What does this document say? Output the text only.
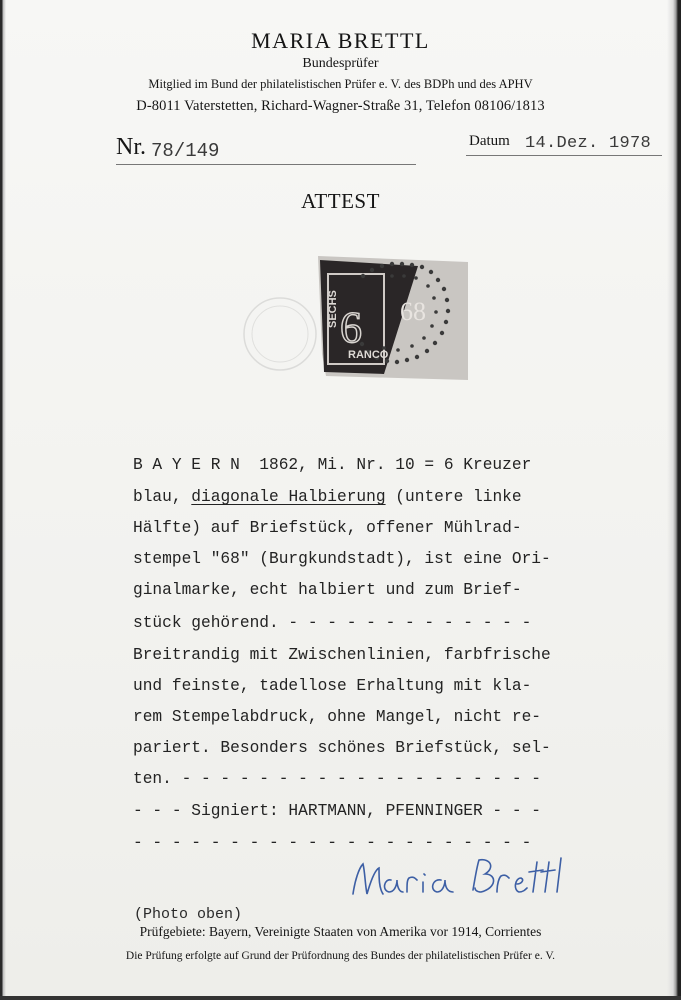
MARIA BRETTL
Bundesprüfer
Mitglied im Bund der philatelistischen Prüfer e. V. des BDPh und des APHV
D-8011 Vaterstetten, Richard-Wagner-Straße 31, Telefon 08106/1813
Nr. 78/149	Datum 14.Dez. 1978
ATTEST
68
6
SECHS
RANCO
B A Y E R N  1862, Mi. Nr. 10 = 6 Kreuzer
blau, diagonale Halbierung (untere linke
Hälfte) auf Briefstück, offener Mühlrad-
stempel "68" (Burgkundstadt), ist eine Ori-
ginalmarke, echt halbiert und zum Brief-
stück gehörend. - - - - - - - - - - - - -
Breitrandig mit Zwischenlinien, farbfrische
und feinste, tadellose Erhaltung mit kla-
rem Stempelabdruck, ohne Mangel, nicht re-
pariert. Besonders schönes Briefstück, sel-
ten. - - - - - - - - - - - - - - - - - - -
- - - Signiert: HARTMANN, PFENNINGER - - -
- - - - - - - - - - - - - - - - - - - - -
(Photo oben)
Prüfgebiete: Bayern, Vereinigte Staaten von Amerika vor 1914, Corrientes
Die Prüfung erfolgte auf Grund der Prüfordnung des Bundes der philatelistischen Prüfer e. V.
